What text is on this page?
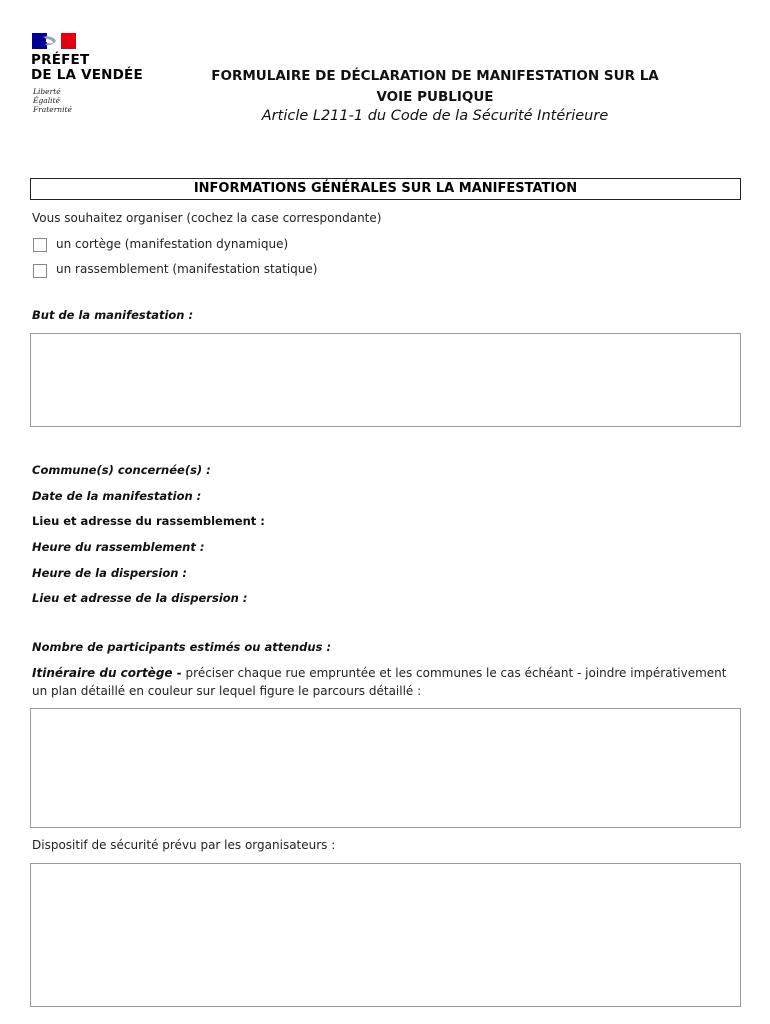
PRÉFET
DE LA VENDÉE
Liberté
Égalité
Fraternité
FORMULAIRE DE DÉCLARATION DE MANIFESTATION SUR LA
VOIE PUBLIQUE
Article L211-1 du Code de la Sécurité Intérieure
INFORMATIONS GÉNÉRALES SUR LA MANIFESTATION
Vous souhaitez organiser (cochez la case correspondante)
un cortège (manifestation dynamique)
un rassemblement (manifestation statique)
But de la manifestation :
Commune(s) concernée(s) :
Date de la manifestation :
Lieu et adresse du rassemblement :
Heure du rassemblement :
Heure de la dispersion :
Lieu et adresse de la dispersion :
Nombre de participants estimés ou attendus :
Itinéraire du cortège - préciser chaque rue empruntée et les communes le cas échéant - joindre impérativement
un plan détaillé en couleur sur lequel figure le parcours détaillé :
Dispositif de sécurité prévu par les organisateurs :
